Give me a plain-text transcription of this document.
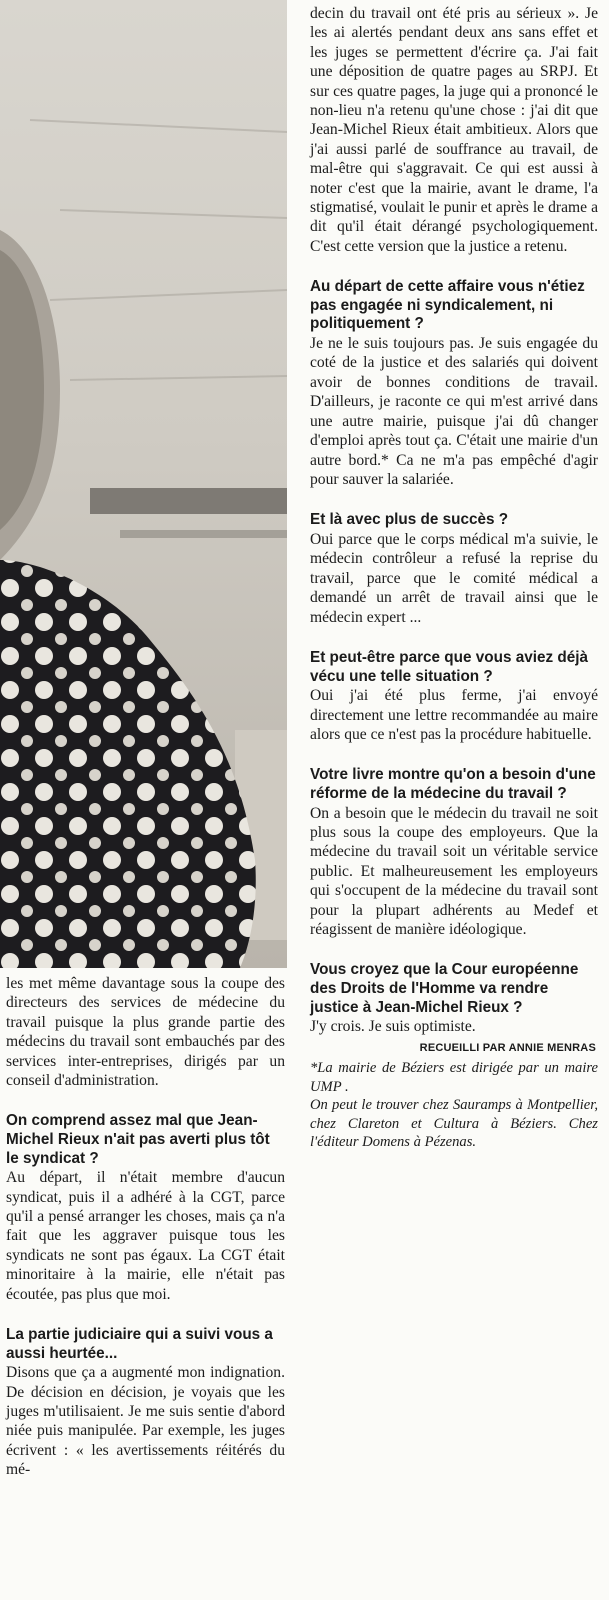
les met même davantage sous la coupe des directeurs des services de médecine du travail puisque la plus grande partie des médecins du travail sont embauchés par des services inter-entreprises, dirigés par un conseil d'administration.

On comprend assez mal que Jean-Michel Rieux n'ait pas averti plus tôt le syndicat ?

Au départ, il n'était membre d'aucun syndicat, puis il a adhéré à la CGT, parce qu'il a pensé arranger les choses, mais ça n'a fait que les aggraver puisque tous les syndicats ne sont pas égaux. La CGT était minoritaire à la mairie, elle n'était pas écoutée, pas plus que moi.

La partie judiciaire qui a suivi vous a aussi heurtée...

Disons que ça a augmenté mon indignation. De décision en décision, je voyais que les juges m'utilisaient. Je me suis sentie d'abord niée puis manipulée. Par exemple, les juges écrivent : « les avertissements réitérés du mé-

decin du travail ont été pris au sérieux ». Je les ai alertés pendant deux ans sans effet et les juges se permettent d'écrire ça. J'ai fait une déposition de quatre pages au SRPJ. Et sur ces quatre pages, la juge qui a prononcé le non-lieu n'a retenu qu'une chose : j'ai dit que Jean-Michel Rieux était ambitieux. Alors que j'ai aussi parlé de souffrance au travail, de mal-être qui s'aggravait. Ce qui est aussi à noter c'est que la mairie, avant le drame, l'a stigmatisé, voulait le punir et après le drame a dit qu'il était dérangé psychologiquement. C'est cette version que la justice a retenu.

Au départ de cette affaire vous n'étiez pas engagée ni syndicalement, ni politiquement ?

Je ne le suis toujours pas. Je suis engagée du coté de la justice et des salariés qui doivent avoir de bonnes conditions de travail. D'ailleurs, je raconte ce qui m'est arrivé dans une autre mairie, puisque j'ai dû changer d'emploi après tout ça. C'était une mairie d'un autre bord.* Ca ne m'a pas empêché d'agir pour sauver la salariée.

Et là avec plus de succès ?

Oui parce que le corps médical m'a suivie, le médecin contrôleur a refusé la reprise du travail, parce que le comité médical a demandé un arrêt de travail ainsi que le médecin expert ...

Et peut-être parce que vous aviez déjà vécu une telle situation ?

Oui j'ai été plus ferme, j'ai envoyé directement une lettre recommandée au maire alors que ce n'est pas la procédure habituelle.

Votre livre montre qu'on a besoin d'une réforme de la médecine du travail ?

On a besoin que le médecin du travail ne soit plus sous la coupe des employeurs. Que la médecine du travail soit un véritable service public. Et malheureusement les employeurs qui s'occupent de la médecine du travail sont pour la plupart adhérents au Medef et réagissent de manière idéologique.

Vous croyez que la Cour européenne des Droits de l'Homme va rendre justice à Jean-Michel Rieux ?

J'y crois. Je suis optimiste.

RECUEILLI PAR ANNIE MENRAS

*La mairie de Béziers est dirigée par un maire UMP .

On peut le trouver chez Sauramps à Montpellier, chez Clareton et Cultura à Béziers. Chez l'éditeur Domens à Pézenas.
